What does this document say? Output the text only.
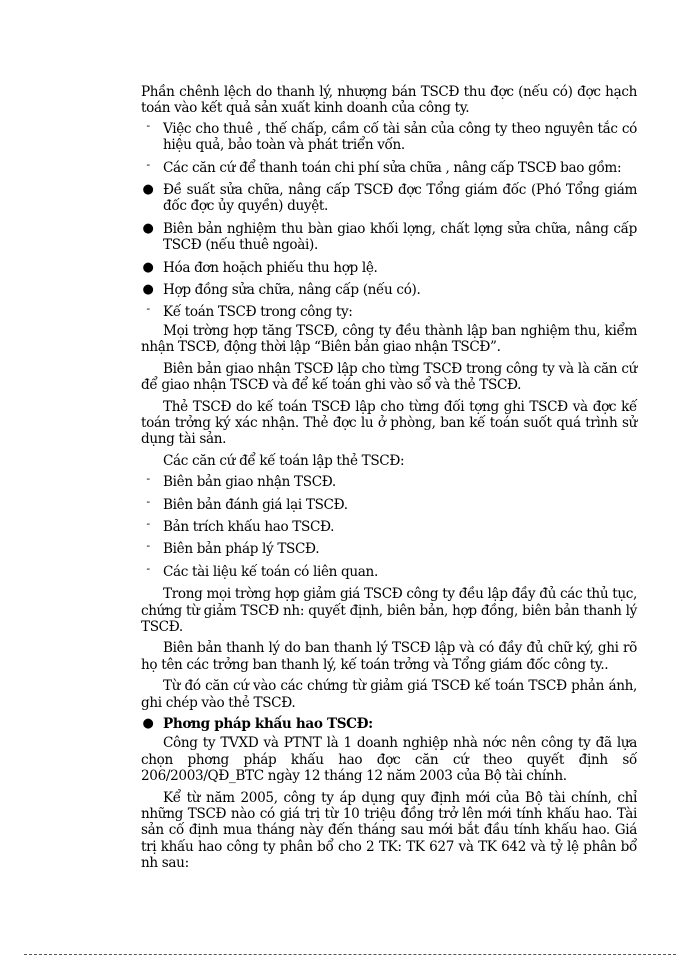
Phần chênh lệch do thanh lý, nhượng bán TSCĐ thu đợc (nếu có) đợc hạch toán vào kết quả sản xuất kinh doanh của công ty.

- Việc cho thuê , thế chấp, cầm cố tài sản của công ty theo nguyên tắc có hiệu quả, bảo toàn và phát triển vốn.
- Các căn cứ để thanh toán chi phí sửa chữa , nâng cấp TSCĐ bao gồm:
● Đề suất sửa chữa, nâng cấp TSCĐ đợc Tổng giám đốc (Phó Tổng giám đốc đợc ủy quyền) duyệt.
● Biên bản nghiệm thu bàn giao khối lợng, chất lợng sửa chữa, nâng cấp TSCĐ (nếu thuê ngoài).
● Hóa đơn hoặch phiếu thu hợp lệ.
● Hợp đồng sửa chữa, nâng cấp (nếu có).
- Kế toán TSCĐ trong công ty:

Mọi trờng hợp tăng TSCĐ, công ty đều thành lập ban nghiệm thu, kiểm nhận TSCĐ, động thời lập “Biên bản giao nhận TSCĐ”.

Biên bản giao nhận TSCĐ lập cho từng TSCĐ trong công ty và là căn cứ để giao nhận TSCĐ và để kế toán ghi vào sổ và thẻ TSCĐ.

Thẻ TSCĐ do kế toán TSCĐ lập cho từng đối tợng ghi TSCĐ và đợc kế toán trởng ký xác nhận. Thẻ đợc lu ở phòng, ban kế toán suốt quá trình sử dụng tài sản.

Các căn cứ để kế toán lập thẻ TSCĐ:

- Biên bản giao nhận TSCĐ.
- Biên bản đánh giá lại TSCĐ.
- Bản trích khấu hao TSCĐ.
- Biên bản pháp lý TSCĐ.
- Các tài liệu kế toán có liên quan.

Trong mọi trờng hợp giảm giá TSCĐ công ty đều lập đầy đủ các thủ tục, chứng từ giảm TSCĐ nh: quyết định, biên bản, hợp đồng, biên bản thanh lý TSCĐ.

Biên bản thanh lý do ban thanh lý TSCĐ lập và có đầy đủ chữ ký, ghi rõ họ tên các trởng ban thanh lý, kế toán trởng và Tổng giám đốc công ty..

Từ đó căn cứ vào các chứng từ giảm giá TSCĐ kế toán TSCĐ phản ánh, ghi chép vào thẻ TSCĐ.

● Phơng pháp khấu hao TSCĐ:

Công ty TVXD và PTNT là 1 doanh nghiệp nhà nớc nên công ty đã lựa chọn phơng pháp khấu hao đợc căn cứ theo quyết định số 206/2003/QĐ_BTC ngày 12 tháng 12 năm 2003 của Bộ tài chính.

Kể từ năm 2005, công ty áp dụng quy định mới của Bộ tài chính, chỉ những TSCĐ nào có giá trị từ 10 triệu đồng trở lên mới tính khấu hao. Tài sản cố định mua tháng này đến tháng sau mới bắt đầu tính khấu hao. Giá trị khấu hao công ty phân bổ cho 2 TK: TK 627 và TK 642 và tỷ lệ phân bổ nh sau:
